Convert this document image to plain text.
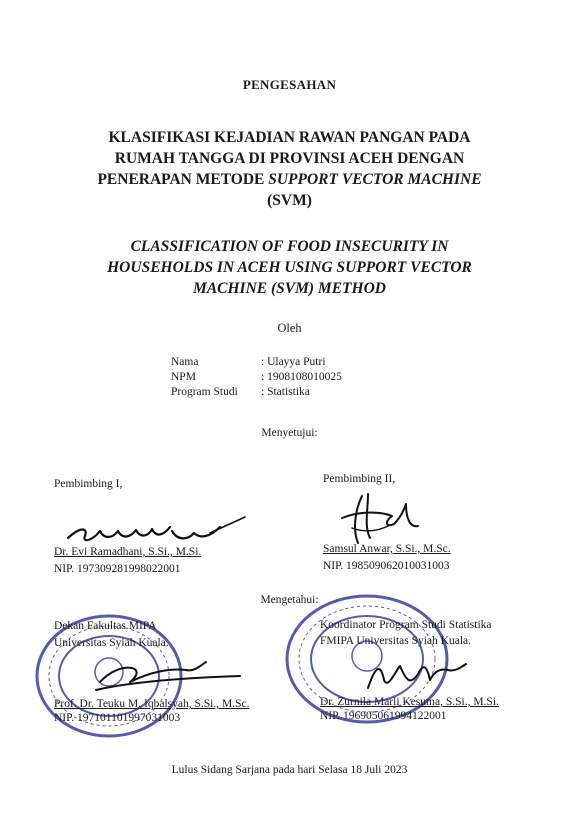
PENGESAHAN
KLASIFIKASI KEJADIAN RAWAN PANGAN PADA
RUMAH TANGGA DI PROVINSI ACEH DENGAN
PENERAPAN METODE SUPPORT VECTOR MACHINE
(SVM)
CLASSIFICATION OF FOOD INSECURITY IN
HOUSEHOLDS IN ACEH USING SUPPORT VECTOR
MACHINE (SVM) METHOD
Oleh
Nama	: Ulayya Putri
NPM	: 1908108010025
Program Studi	: Statistika
Menyetujui:
Pembimbing I,
Dr. Evi Ramadhani, S.Si., M.Si.
NIP. 197309281998022001
Pembimbing II,
Samsul Anwar, S.Si., M.Sc.
NIP. 198509062010031003
Mengetahui:
Dekan Fakultas MIPA
Universitas Syiah Kuala.
Prof. Dr. Teuku M. Iqbalsyah, S.Si., M.Sc.
NIP. 197101101997031003
Koordinator Program Studi Statistika
FMIPA Universitas Syiah Kuala.
Dr. Zurnila Marli Kesuma, S.Si., M.Si.
NIP. 196905061994122001
Lulus Sidang Sarjana pada hari Selasa 18 Juli 2023
